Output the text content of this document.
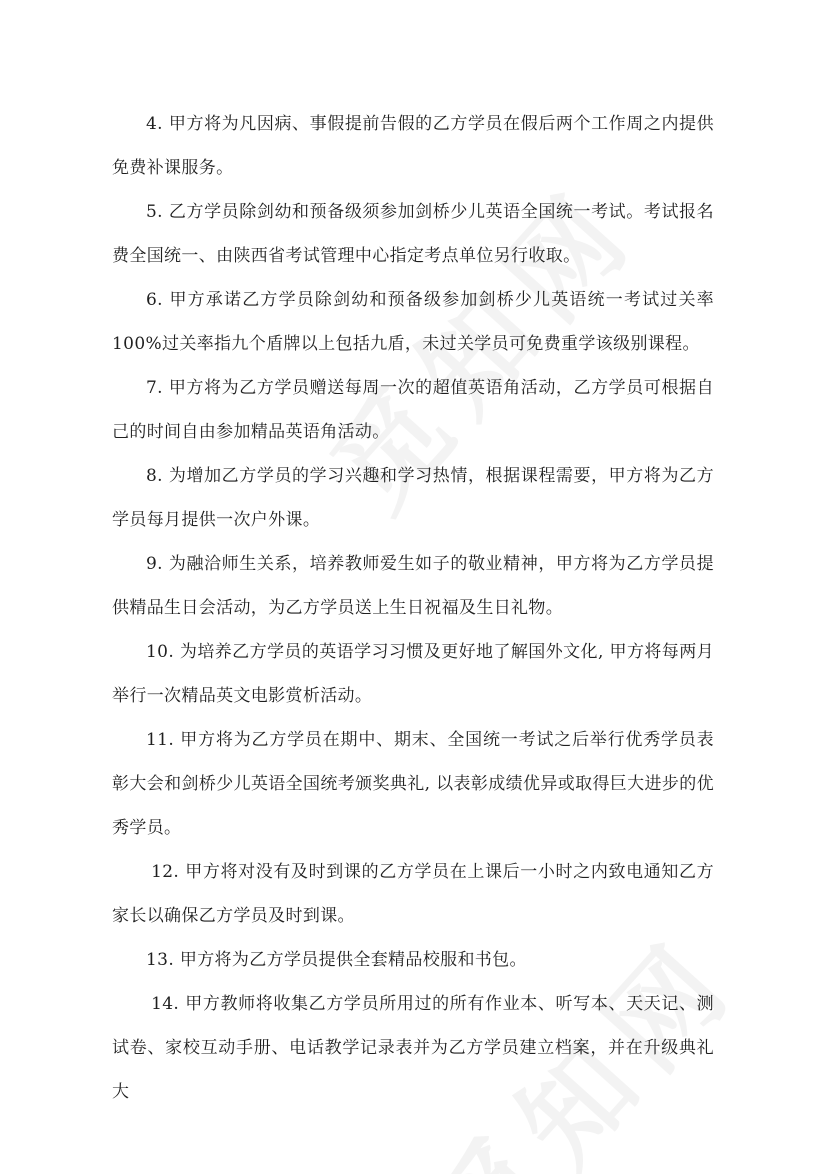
4. 甲方将为凡因病、事假提前告假的乙方学员在假后两个工作周之内提供免费补课服务。

5. 乙方学员除剑幼和预备级须参加剑桥少儿英语全国统一考试。考试报名费全国统一、由陕西省考试管理中心指定考点单位另行收取。

6. 甲方承诺乙方学员除剑幼和预备级参加剑桥少儿英语统一考试过关率100%过关率指九个盾牌以上包括九盾，未过关学员可免费重学该级别课程。

7. 甲方将为乙方学员赠送每周一次的超值英语角活动，乙方学员可根据自己的时间自由参加精品英语角活动。

8. 为增加乙方学员的学习兴趣和学习热情，根据课程需要，甲方将为乙方学员每月提供一次户外课。

9. 为融洽师生关系，培养教师爱生如子的敬业精神，甲方将为乙方学员提供精品生日会活动，为乙方学员送上生日祝福及生日礼物。

10. 为培养乙方学员的英语学习习惯及更好地了解国外文化, 甲方将每两月举行一次精品英文电影赏析活动。

11. 甲方将为乙方学员在期中、期末、全国统一考试之后举行优秀学员表彰大会和剑桥少儿英语全国统考颁奖典礼, 以表彰成绩优异或取得巨大进步的优秀学员。

12. 甲方将对没有及时到课的乙方学员在上课后一小时之内致电通知乙方家长以确保乙方学员及时到课。

13. 甲方将为乙方学员提供全套精品校服和书包。

14. 甲方教师将收集乙方学员所用过的所有作业本、听写本、天天记、测试卷、家校互动手册、电话教学记录表并为乙方学员建立档案，并在升级典礼大
